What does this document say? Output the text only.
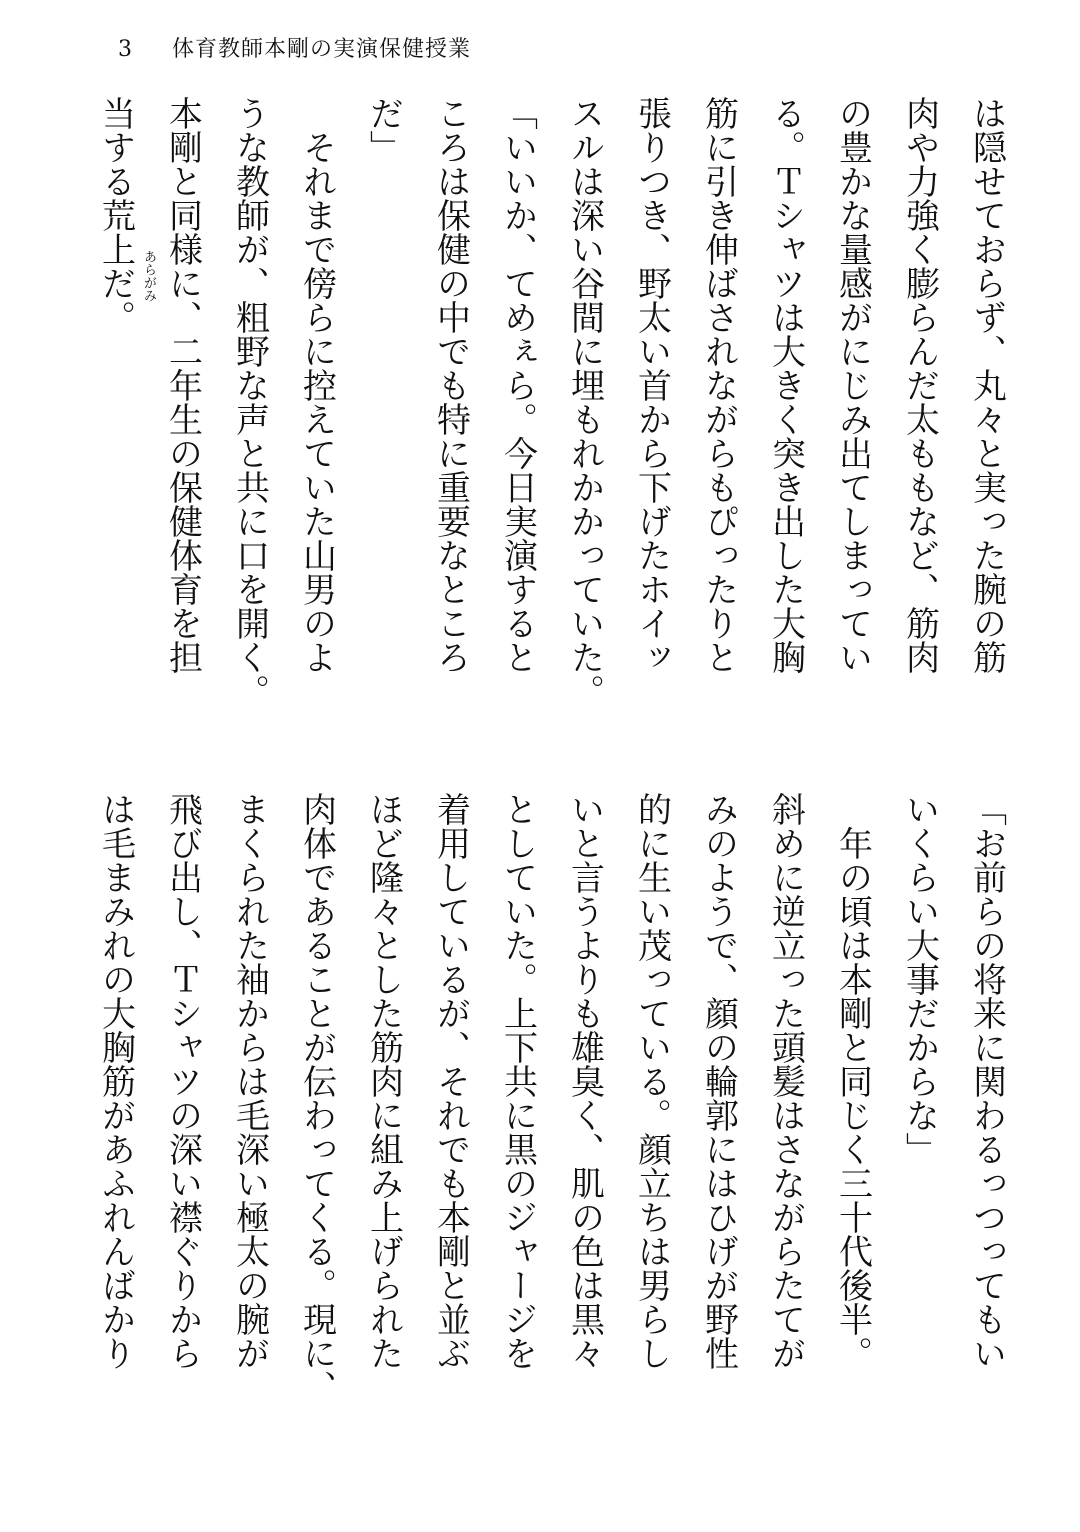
3 体育教師本剛の実演保健授業
は隠せておらず、丸々と実った腕の筋
肉や力強く膨らんだ太ももなど、筋肉
の豊かな量感がにじみ出てしまってい
る。Ｔシャツは大きく突き出した大胸
筋に引き伸ばされながらもぴったりと
張りつき、野太い首から下げたホイッ
スルは深い谷間に埋もれかかっていた。
「いいか、てめぇら。今日実演すると
ころは保健の中でも特に重要なところ
だ」
　それまで傍らに控えていた山男のよ
うな教師が、粗野な声と共に口を開く。
本剛と同様に、二年生の保健体育を担
当する荒上だ。 あらがみ
「お前らの将来に関わるっつってもい
いくらい大事だからな」
　年の頃は本剛と同じく三十代後半。
斜めに逆立った頭髪はさながらたてが
みのようで、顔の輪郭にはひげが野性
的に生い茂っている。顔立ちは男らし
いと言うよりも雄臭く、肌の色は黒々
としていた。上下共に黒のジャージを
着用しているが、それでも本剛と並ぶ
ほど隆々とした筋肉に組み上げられた
肉体であることが伝わってくる。現に、
まくられた袖からは毛深い極太の腕が
飛び出し、Ｔシャツの深い襟ぐりから
は毛まみれの大胸筋があふれんばかり
